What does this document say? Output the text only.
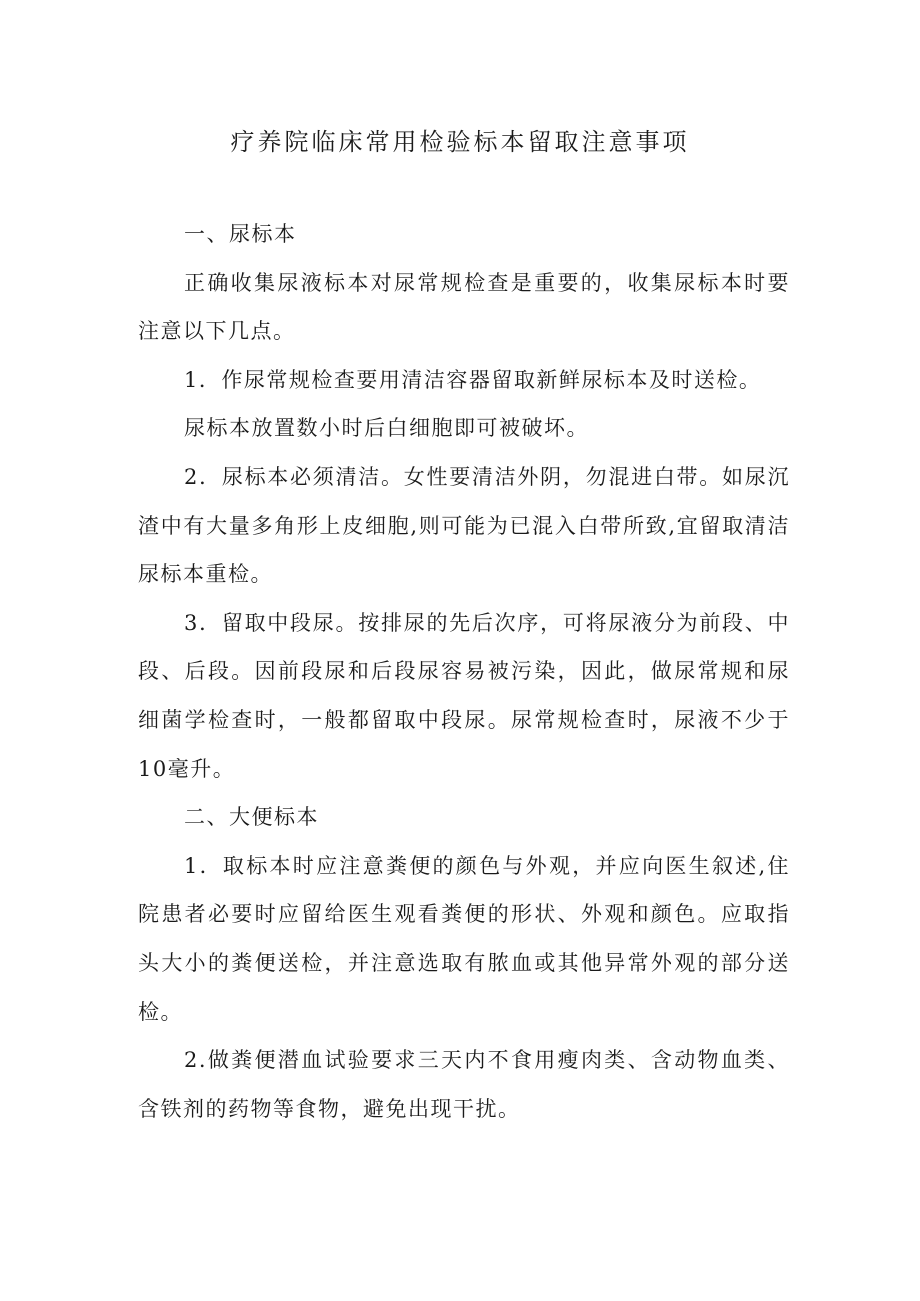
疗养院临床常用检验标本留取注意事项

一、尿标本

正确收集尿液标本对尿常规检查是重要的，收集尿标本时要注意以下几点。

1．作尿常规检查要用清洁容器留取新鲜尿标本及时送检。

尿标本放置数小时后白细胞即可被破坏。

2．尿标本必须清洁。女性要清洁外阴，勿混进白带。如尿沉渣中有大量多角形上皮细胞,则可能为已混入白带所致,宜留取清洁尿标本重检。

3．留取中段尿。按排尿的先后次序，可将尿液分为前段、中段、后段。因前段尿和后段尿容易被污染，因此，做尿常规和尿细菌学检查时，一般都留取中段尿。尿常规检查时，尿液不少于10毫升。

二、大便标本

1．取标本时应注意粪便的颜色与外观，并应向医生叙述,住院患者必要时应留给医生观看粪便的形状、外观和颜色。应取指头大小的粪便送检，并注意选取有脓血或其他异常外观的部分送检。

2.做粪便潜血试验要求三天内不食用瘦肉类、含动物血类、含铁剂的药物等食物，避免出现干扰。
